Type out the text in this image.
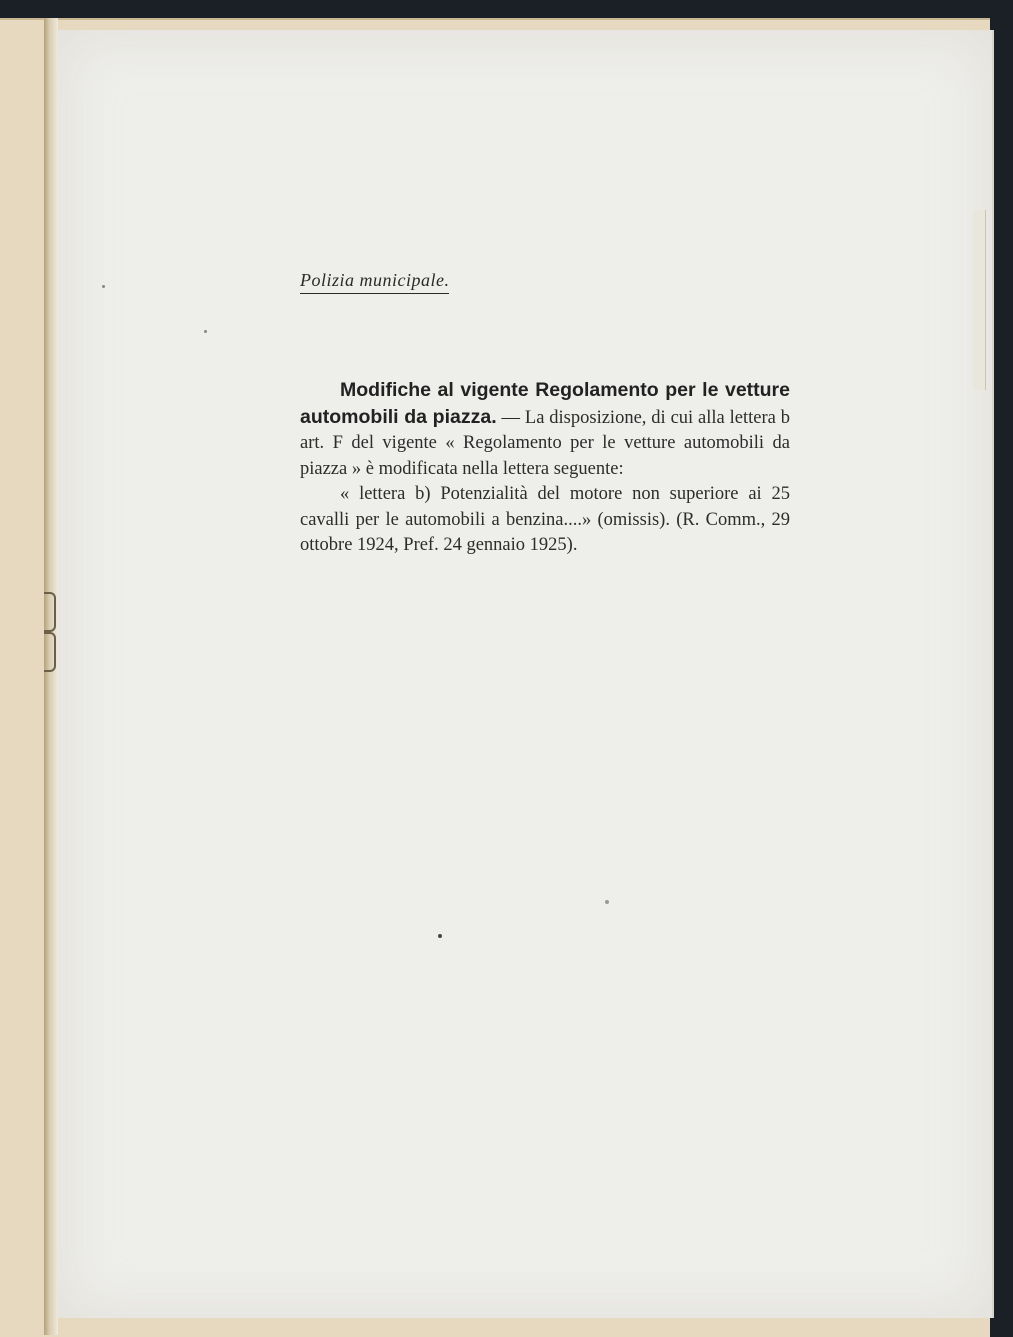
Polizia municipale.

Modifiche al vigente Regolamento per le vetture automobili da piazza. — La disposizione, di cui alla lettera b art. F del vigente « Regolamento per le vetture automobili da piazza » è modificata nella lettera seguente:

« lettera b) Potenzialità del motore non superiore ai 25 cavalli per le automobili a benzina....» (omissis). (R. Comm., 29 ottobre 1924, Pref. 24 gennaio 1925).
